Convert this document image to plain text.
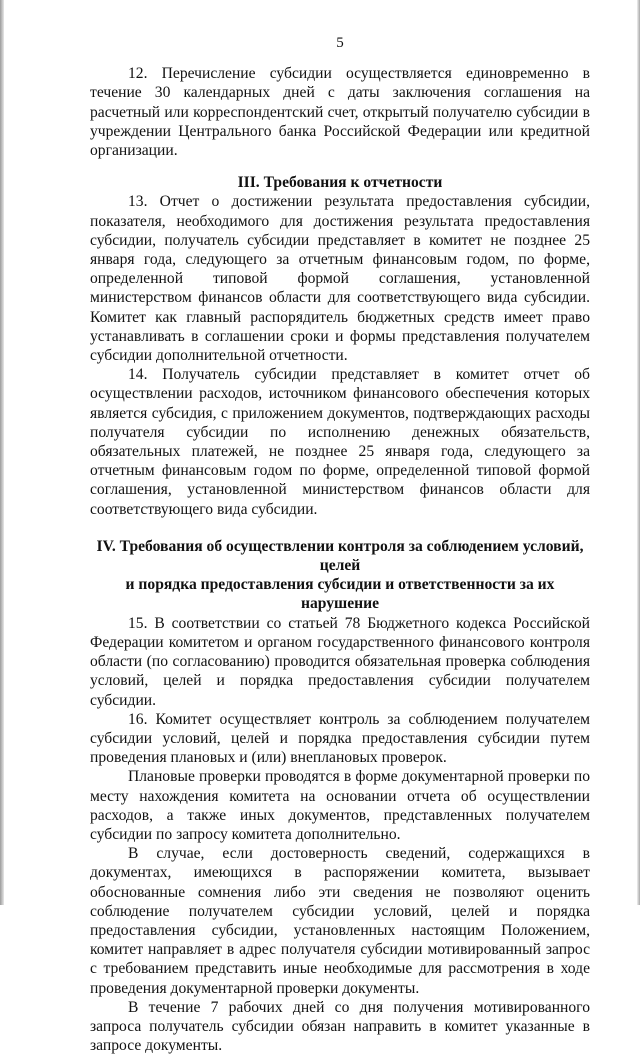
5

12. Перечисление субсидии осуществляется единовременно в течение 30 календарных дней с даты заключения соглашения на расчетный или корреспондентский счет, открытый получателю субсидии в учреждении Центрального банка Российской Федерации или кредитной организации.

III. Требования к отчетности

13. Отчет о достижении результата предоставления субсидии, показателя, необходимого для достижения результата предоставления субсидии, получатель субсидии представляет в комитет не позднее 25 января года, следующего за отчетным финансовым годом, по форме, определенной типовой формой соглашения, установленной министерством финансов области для соответствующего вида субсидии. Комитет как главный распорядитель бюджетных средств имеет право устанавливать в соглашении сроки и формы представления получателем субсидии дополнительной отчетности.

14. Получатель субсидии представляет в комитет отчет об осуществлении расходов, источником финансового обеспечения которых является субсидия, с приложением документов, подтверждающих расходы получателя субсидии по исполнению денежных обязательств, обязательных платежей, не позднее 25 января года, следующего за отчетным финансовым годом по форме, определенной типовой формой соглашения, установленной министерством финансов области для соответствующего вида субсидии.

IV. Требования об осуществлении контроля за соблюдением условий, целей
и порядка предоставления субсидии и ответственности за их нарушение

15. В соответствии со статьей 78 Бюджетного кодекса Российской Федерации комитетом и органом государственного финансового контроля области (по согласованию) проводится обязательная проверка соблюдения условий, целей и порядка предоставления субсидии получателем субсидии.

16. Комитет осуществляет контроль за соблюдением получателем субсидии условий, целей и порядка предоставления субсидии путем проведения плановых и (или) внеплановых проверок.

Плановые проверки проводятся в форме документарной проверки по месту нахождения комитета на основании отчета об осуществлении расходов, а также иных документов, представленных получателем субсидии по запросу комитета дополнительно.

В случае, если достоверность сведений, содержащихся в документах, имеющихся в распоряжении комитета, вызывает обоснованные сомнения либо эти сведения не позволяют оценить соблюдение получателем субсидии условий, целей и порядка предоставления субсидии, установленных настоящим Положением, комитет направляет в адрес получателя субсидии мотивированный запрос с требованием представить иные необходимые для рассмотрения в ходе проведения документарной проверки документы.

В течение 7 рабочих дней со дня получения мотивированного запроса получатель субсидии обязан направить в комитет указанные в запросе документы.
